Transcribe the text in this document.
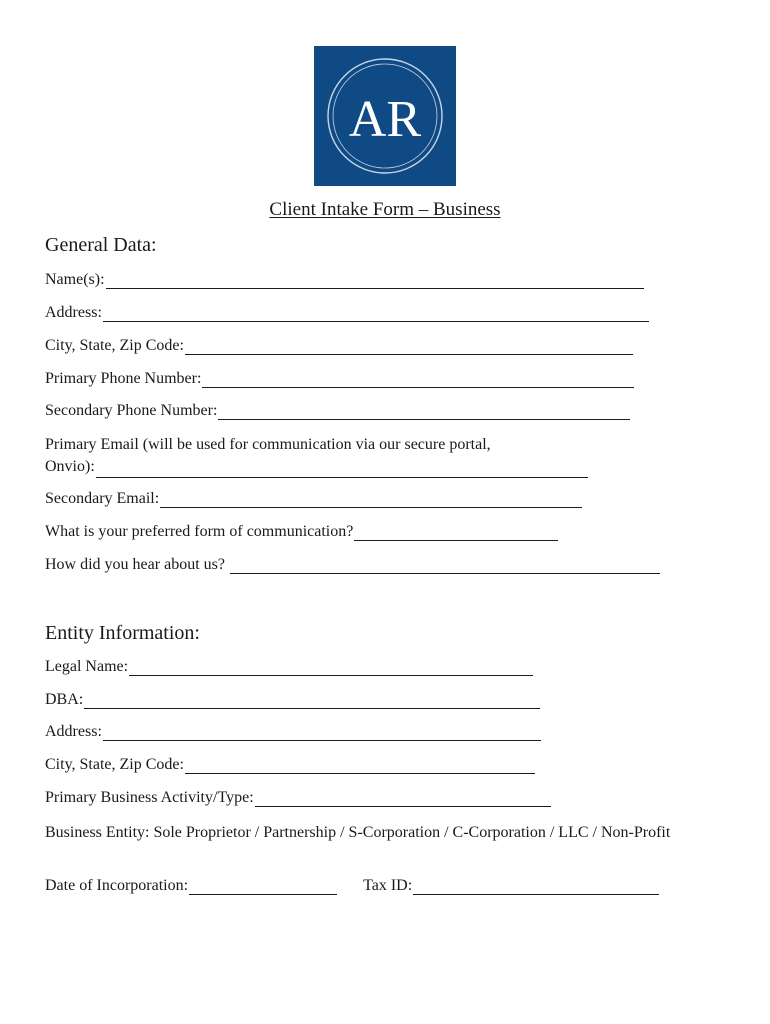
AR
Client Intake Form – Business
General Data:
Name(s):
Address:
City, State, Zip Code:
Primary Phone Number:
Secondary Phone Number:
Primary Email (will be used for communication via our secure portal,
Onvio):
Secondary Email:
What is your preferred form of communication?
How did you hear about us?
Entity Information:
Legal Name:
DBA:
Address:
City, State, Zip Code:
Primary Business Activity/Type:
Business Entity: Sole Proprietor / Partnership / S-Corporation / C-Corporation / LLC / Non-Profit
Date of Incorporation:	Tax ID:
